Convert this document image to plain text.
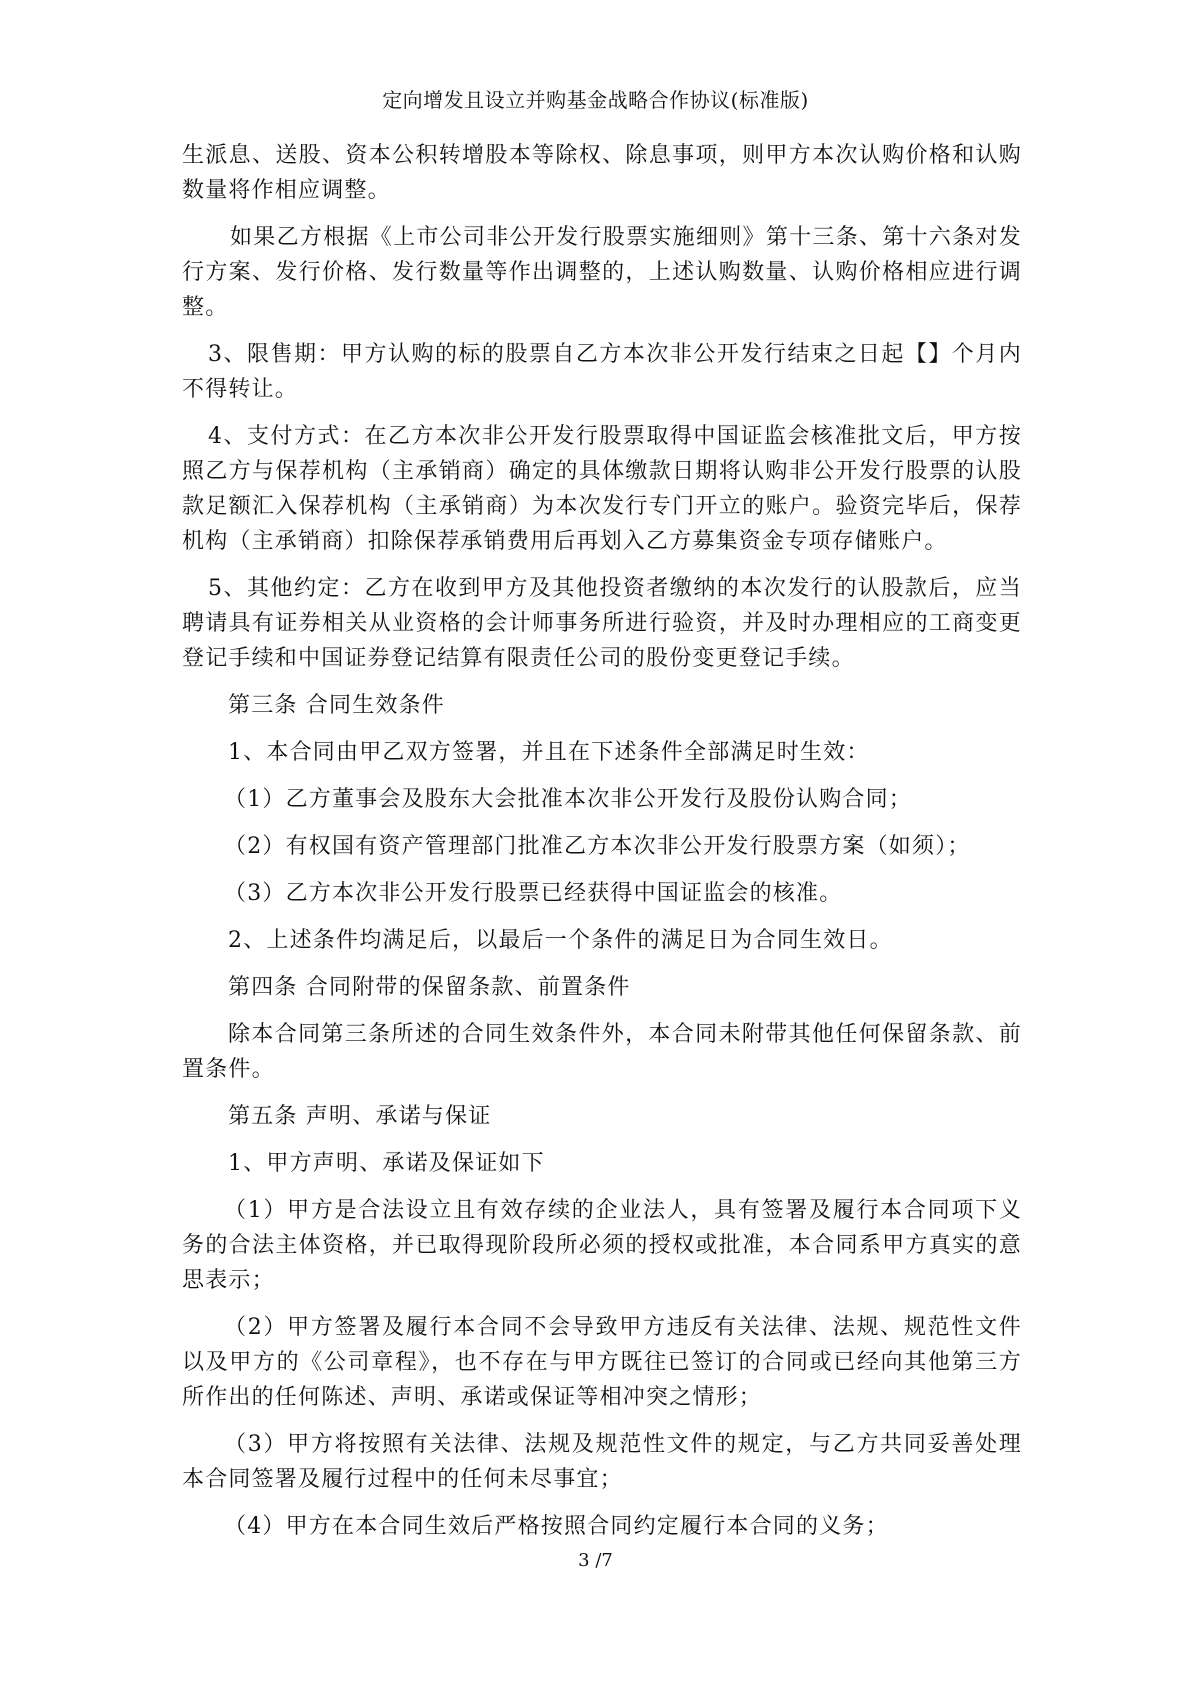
定向增发且设立并购基金战略合作协议(标准版)

生派息、送股、资本公积转增股本等除权、除息事项，则甲方本次认购价格和认购数量将作相应调整。

如果乙方根据《上市公司非公开发行股票实施细则》第十三条、第十六条对发行方案、发行价格、发行数量等作出调整的，上述认购数量、认购价格相应进行调整。

3、限售期：甲方认购的标的股票自乙方本次非公开发行结束之日起【】个月内不得转让。

4、支付方式：在乙方本次非公开发行股票取得中国证监会核准批文后，甲方按照乙方与保荐机构（主承销商）确定的具体缴款日期将认购非公开发行股票的认股款足额汇入保荐机构（主承销商）为本次发行专门开立的账户。验资完毕后，保荐机构（主承销商）扣除保荐承销费用后再划入乙方募集资金专项存储账户。

5、其他约定：乙方在收到甲方及其他投资者缴纳的本次发行的认股款后，应当聘请具有证券相关从业资格的会计师事务所进行验资，并及时办理相应的工商变更登记手续和中国证券登记结算有限责任公司的股份变更登记手续。

第三条 合同生效条件

1、本合同由甲乙双方签署，并且在下述条件全部满足时生效：

（1）乙方董事会及股东大会批准本次非公开发行及股份认购合同；

（2）有权国有资产管理部门批准乙方本次非公开发行股票方案（如须）；

（3）乙方本次非公开发行股票已经获得中国证监会的核准。

2、上述条件均满足后，以最后一个条件的满足日为合同生效日。

第四条 合同附带的保留条款、前置条件

除本合同第三条所述的合同生效条件外，本合同未附带其他任何保留条款、前置条件。

第五条 声明、承诺与保证

1、甲方声明、承诺及保证如下

（1）甲方是合法设立且有效存续的企业法人，具有签署及履行本合同项下义务的合法主体资格，并已取得现阶段所必须的授权或批准，本合同系甲方真实的意思表示；

（2）甲方签署及履行本合同不会导致甲方违反有关法律、法规、规范性文件以及甲方的《公司章程》，也不存在与甲方既往已签订的合同或已经向其他第三方所作出的任何陈述、声明、承诺或保证等相冲突之情形；

（3）甲方将按照有关法律、法规及规范性文件的规定，与乙方共同妥善处理本合同签署及履行过程中的任何未尽事宜；

（4）甲方在本合同生效后严格按照合同约定履行本合同的义务；

3 /7
